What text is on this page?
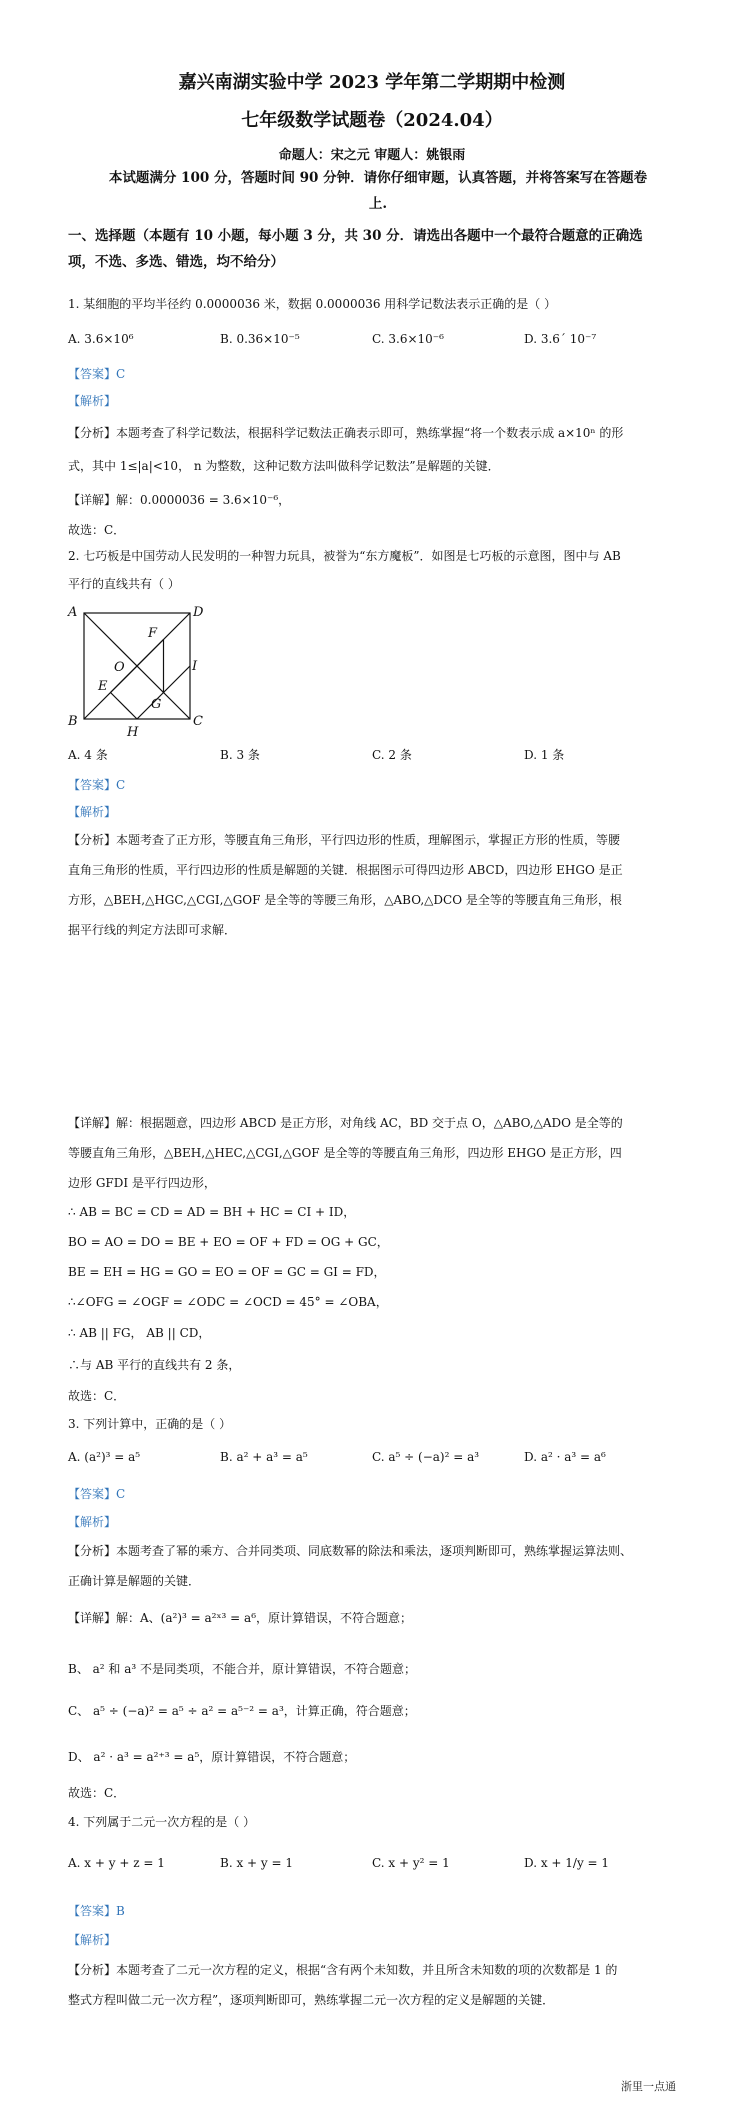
嘉兴南湖实验中学 2023 学年第二学期期中检测
七年级数学试题卷（2024.04）
命题人：宋之元 审题人：姚银雨
本试题满分 100 分，答题时间 90 分钟．请你仔细审题，认真答题，并将答案写在答题卷
上.
一、选择题（本题有 10 小题，每小题 3 分，共 30 分．请选出各题中一个最符合题意的正确选
项，不选、多选、错选，均不给分）
1. 某细胞的平均半径约 0.0000036 米，数据 0.0000036 用科学记数法表示正确的是（ ）
A. 3.6×10⁶	B. 0.36×10⁻⁵	C. 3.6×10⁻⁶	D. 3.6ˊ 10⁻⁷
【答案】C
【解析】
【分析】本题考查了科学记数法，根据科学记数法正确表示即可，熟练掌握“将一个数表示成 a×10ⁿ 的形
式，其中 1≤|a|<10， n 为整数，这种记数方法叫做科学记数法”是解题的关键．
【详解】解：0.0000036 = 3.6×10⁻⁶，
故选：C．
2. 七巧板是中国劳动人民发明的一种智力玩具，被誉为“东方魔板”．如图是七巧板的示意图，图中与 AB
平行的直线共有（ ）
A	D
F
O	I
E
G
B
H
C
A. 4 条	B. 3 条	C. 2 条	D. 1 条
【答案】C
【解析】
【分析】本题考查了正方形，等腰直角三角形，平行四边形的性质，理解图示，掌握正方形的性质，等腰
直角三角形的性质，平行四边形的性质是解题的关键．根据图示可得四边形 ABCD，四边形 EHGO 是正
方形，△BEH,△HGC,△CGI,△GOF 是全等的等腰三角形，△ABO,△DCO 是全等的等腰直角三角形，根
据平行线的判定方法即可求解．
【详解】解：根据题意，四边形 ABCD 是正方形，对角线 AC，BD 交于点 O，△ABO,△ADO 是全等的
等腰直角三角形，△BEH,△HEC,△CGI,△GOF 是全等的等腰直角三角形，四边形 EHGO 是正方形，四
边形 GFDI 是平行四边形，
∴ AB = BC = CD = AD = BH + HC = CI + ID，
BO = AO = DO = BE + EO = OF + FD = OG + GC，
BE = EH = HG = GO = EO = OF = GC = GI = FD，
∴∠OFG = ∠OGF = ∠ODC = ∠OCD = 45° = ∠OBA，
∴ AB || FG， AB || CD，
∴与 AB 平行的直线共有 2 条，
故选：C．
3. 下列计算中，正确的是（ ）
A. (a²)³ = a⁵	B. a² + a³ = a⁵	C. a⁵ ÷ (−a)² = a³	D. a² · a³ = a⁶
【答案】C
【解析】
【分析】本题考查了幂的乘方、合并同类项、同底数幂的除法和乘法，逐项判断即可，熟练掌握运算法则、
正确计算是解题的关键．
【详解】解：A、(a²)³ = a²ˣ³ = a⁶，原计算错误，不符合题意；
B、 a² 和 a³ 不是同类项，不能合并，原计算错误，不符合题意；
C、 a⁵ ÷ (−a)² = a⁵ ÷ a² = a⁵⁻² = a³，计算正确，符合题意；
D、 a² · a³ = a²⁺³ = a⁵，原计算错误，不符合题意；
故选：C．
4. 下列属于二元一次方程的是（ ）
A. x + y + z = 1	B. x + y = 1	C. x + y² = 1	D. x + 1/y = 1
【答案】B
【解析】
【分析】本题考查了二元一次方程的定义，根据“含有两个未知数，并且所含未知数的项的次数都是 1 的
整式方程叫做二元一次方程”，逐项判断即可，熟练掌握二元一次方程的定义是解题的关键．
浙里一点通
